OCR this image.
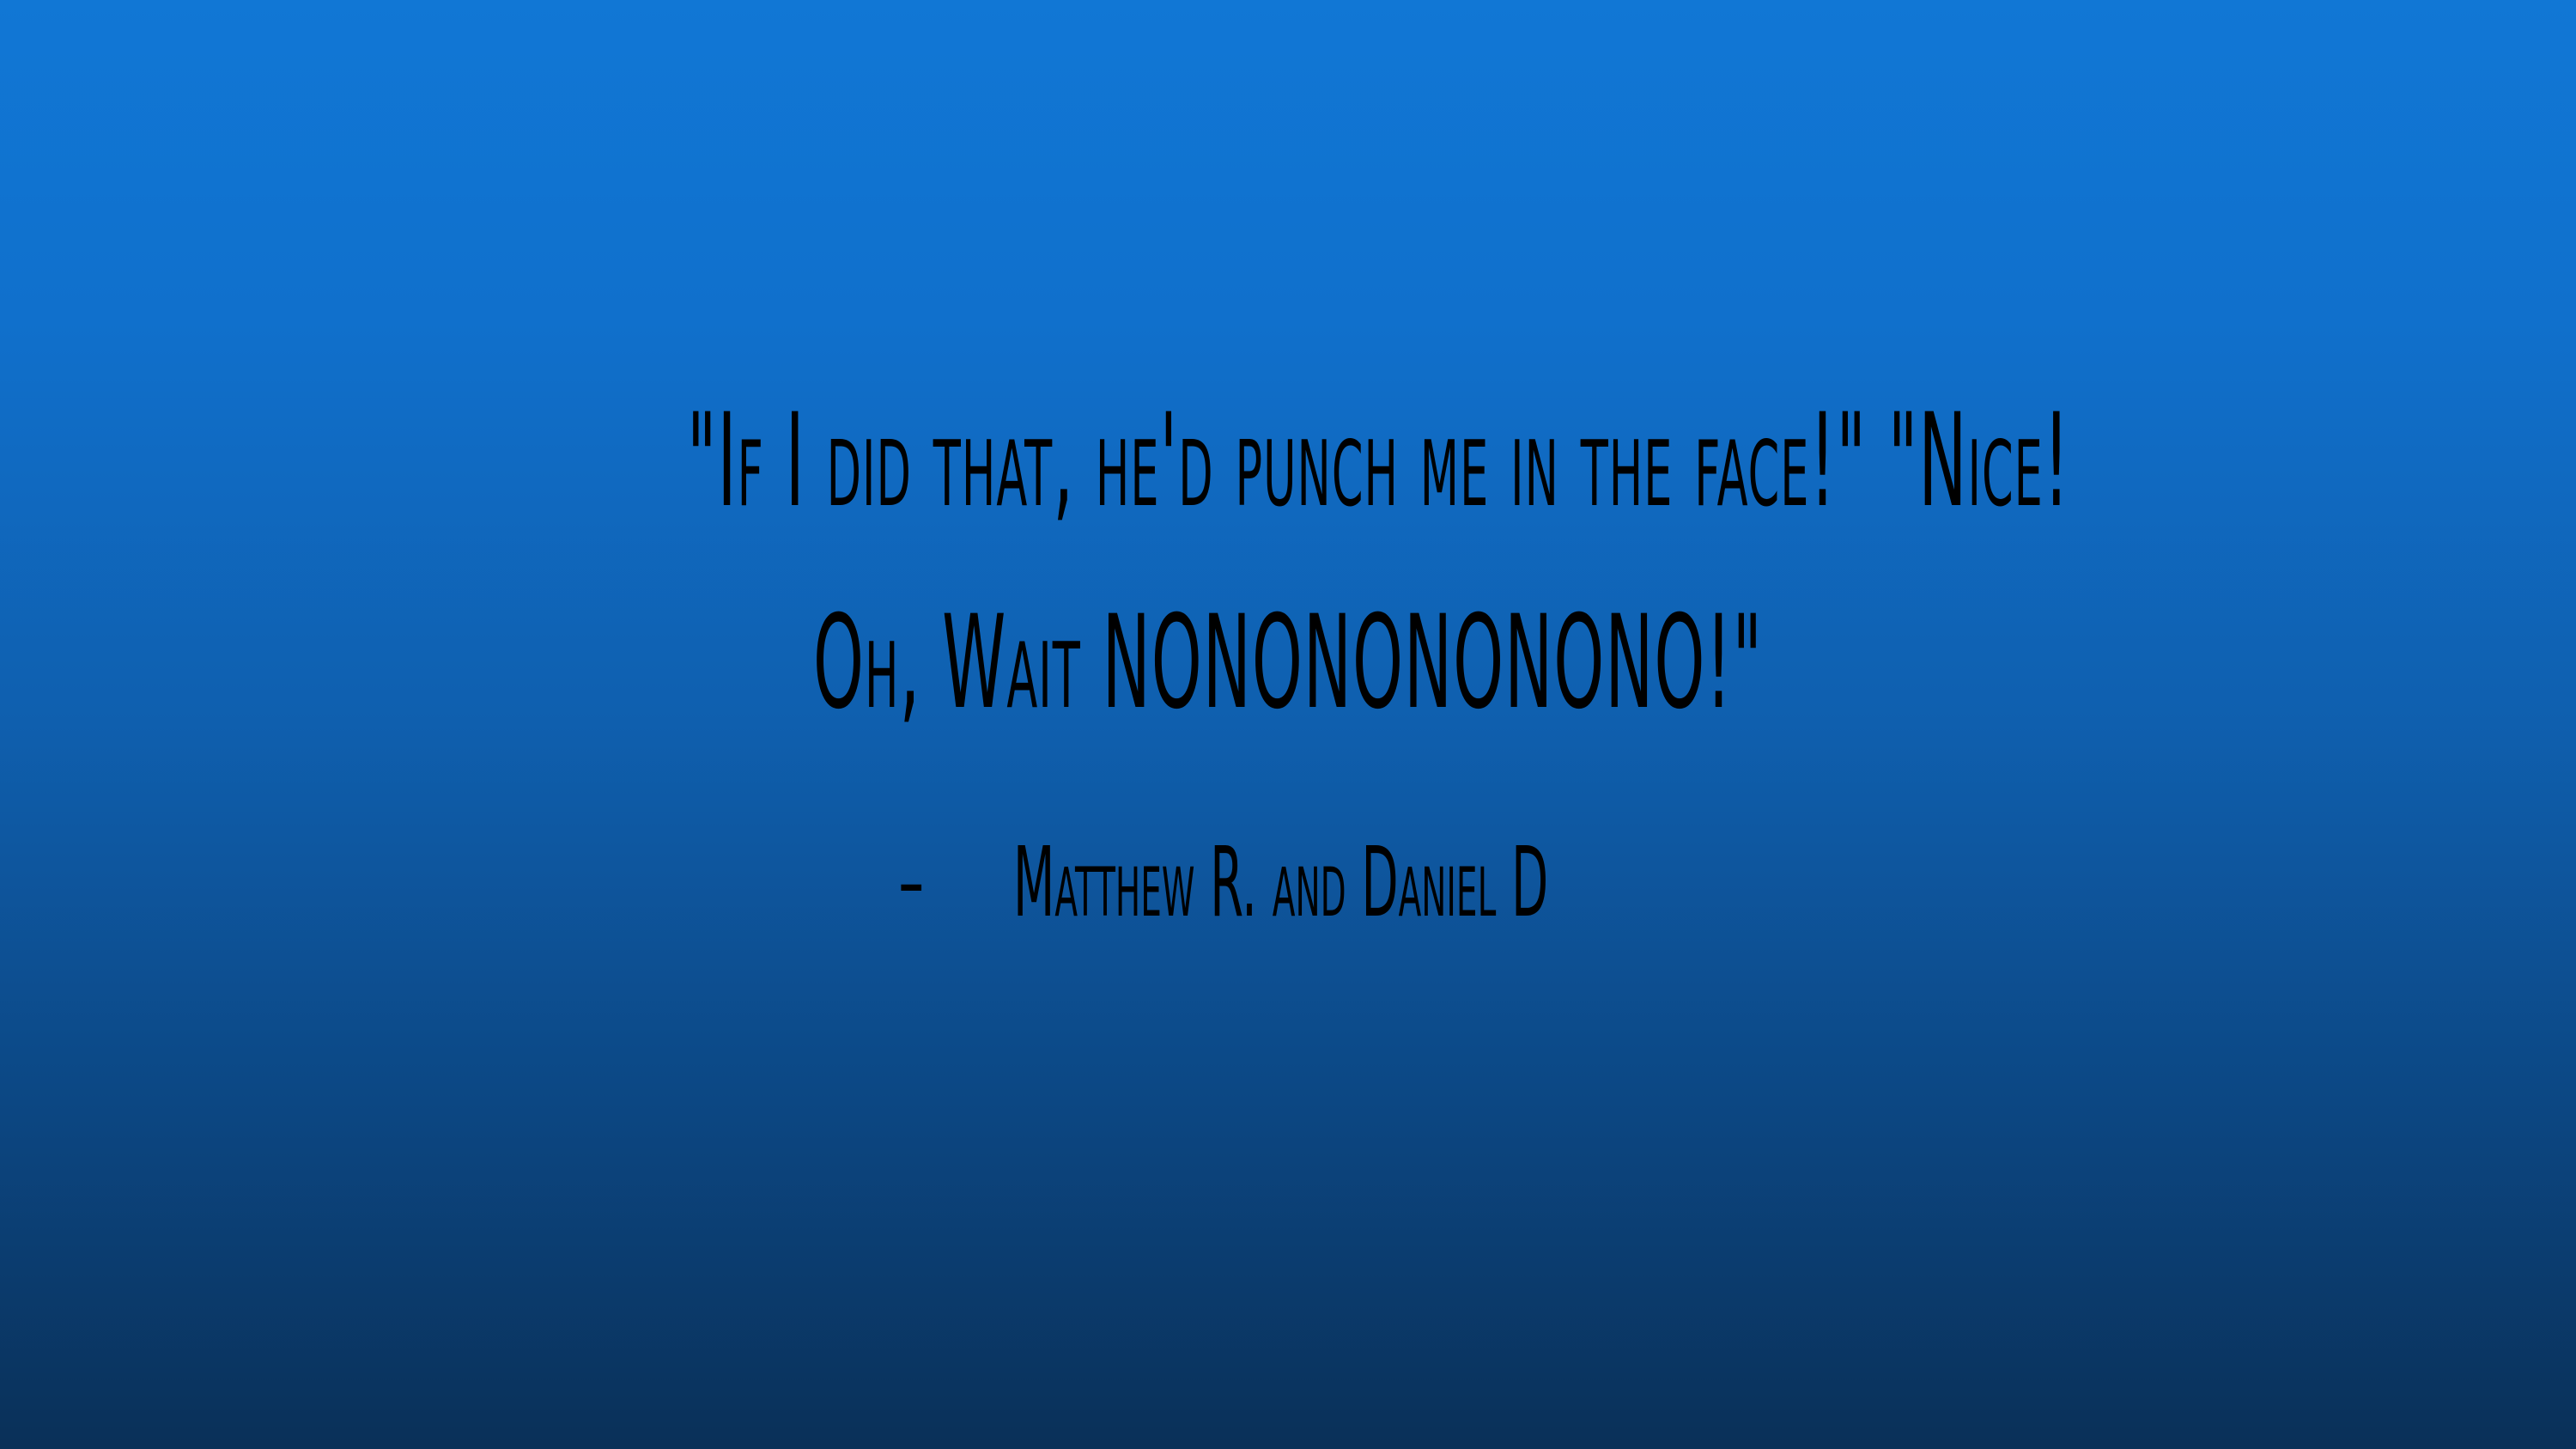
"If I did that, he'd punch me in the face!" "Nice!
Oh, Wait NONONONONONO!"
- Matthew R. and Daniel D
